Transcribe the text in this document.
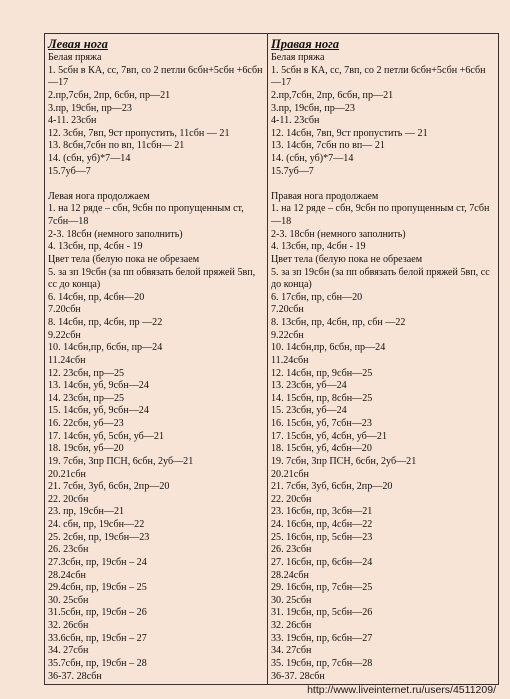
Левая нога
Белая пряжа
1. 5сбн в КА, сс, 7вп, со 2 петли 6сбн+5сбн +6сбн—17
2.пр,7сбн, 2пр, 6сбн, пр—21
3.пр, 19сбн, пр—23
4-11. 23сбн
12. 3сбн, 7вп, 9ст пропустить, 11сбн — 21
13. 8сбн,7сбн по вп, 11сбн— 21
14. (сбн, уб)*7—14
15.7уб—7
Левая нога продолжаем
1. на 12 ряде – сбн, 9сбн по пропущенным ст, 7сбн—18
2-3. 18сбн (немного заполнить)
4. 13сбн, пр, 4сбн - 19
Цвет тела (белую пока не обрезаем
5. за зп 19сбн (за пп обвязать белой пряжей 5вп, сс до конца)
6. 14сбн, пр, 4сбн—20
7.20сбн
8. 14сбн, пр, 4сбн, пр —22
9.22сбн
10. 14сбн,пр, 6сбн, пр—24
11.24сбн
12. 23сбн, пр—25
13. 14сбн, уб, 9сбн—24
14. 23сбн, пр—25
15. 14сбн, уб, 9сбн—24
16. 22сбн, уб—23
17. 14сбн, уб, 5сбн, уб—21
18. 19сбн, уб—20
19. 7сбн, 3пр ПСН, 6сбн, 2уб—21
20.21сбн
21. 7сбн, 3уб, 6сбн, 2пр—20
22. 20сбн
23. пр, 19сбн—21
24. сбн, пр, 19сбн—22
25. 2сбн, пр, 19сбн—23
26. 23сбн
27.3сбн, пр, 19сбн – 24
28.24сбн
29.4сбн, пр, 19сбн – 25
30. 25сбн
31.5сбн, пр, 19сбн – 26
32. 26сбн
33.6сбн, пр, 19сбн – 27
34. 27сбн
35.7сбн, пр, 19сбн – 28
36-37. 28сбн

Правая нога
Белая пряжа
1. 5сбн в КА, сс, 7вп, со 2 петли 6сбн+5сбн +6сбн—17
2.пр,7сбн, 2пр, 6сбн, пр—21
3.пр, 19сбн, пр—23
4-11. 23сбн
12. 14сбн, 7вп, 9ст пропустить — 21
13. 14сбн, 7сбн по вп— 21
14. (сбн, уб)*7—14
15.7уб—7
Правая нога продолжаем
1. на 12 ряде – сбн, 9сбн по пропущенным ст, 7сбн—18
2-3. 18сбн (немного заполнить)
4. 13сбн, пр, 4сбн - 19
Цвет тела (белую пока не обрезаем
5. за зп 19сбн (за пп обвязать белой пряжей 5вп, сс до конца)
6. 17сбн, пр, сбн—20
7.20сбн
8. 13сбн, пр, 4сбн, пр, сбн —22
9.22сбн
10. 14сбн,пр, 6сбн, пр—24
11.24сбн
12. 14сбн, пр, 9сбн—25
13. 23сбн, уб—24
14. 15сбн, пр, 8сбн—25
15. 23сбн, уб—24
16. 15сбн, уб, 7сбн—23
17. 15сбн, уб, 4сбн, уб—21
18. 15сбн, уб, 4сбн—20
19. 7сбн, 3пр ПСН, 6сбн, 2уб—21
20.21сбн
21. 7сбн, 3уб, 6сбн, 2пр—20
22. 20сбн
23. 16сбн, пр, 3сбн—21
24. 16сбн, пр, 4сбн—22
25. 16сбн, пр, 5сбн—23
26. 23сбн
27. 16сбн, пр, 6сбн—24
28.24сбн
29. 16сбн, пр, 7сбн—25
30. 25сбн
31. 19сбн, пр, 5сбн—26
32. 26сбн
33. 19сбн, пр, 6сбн—27
34. 27сбн
35. 19сбн, пр, 7сбн—28
36-37. 28сбн
http://www.liveinternet.ru/users/4511209/
